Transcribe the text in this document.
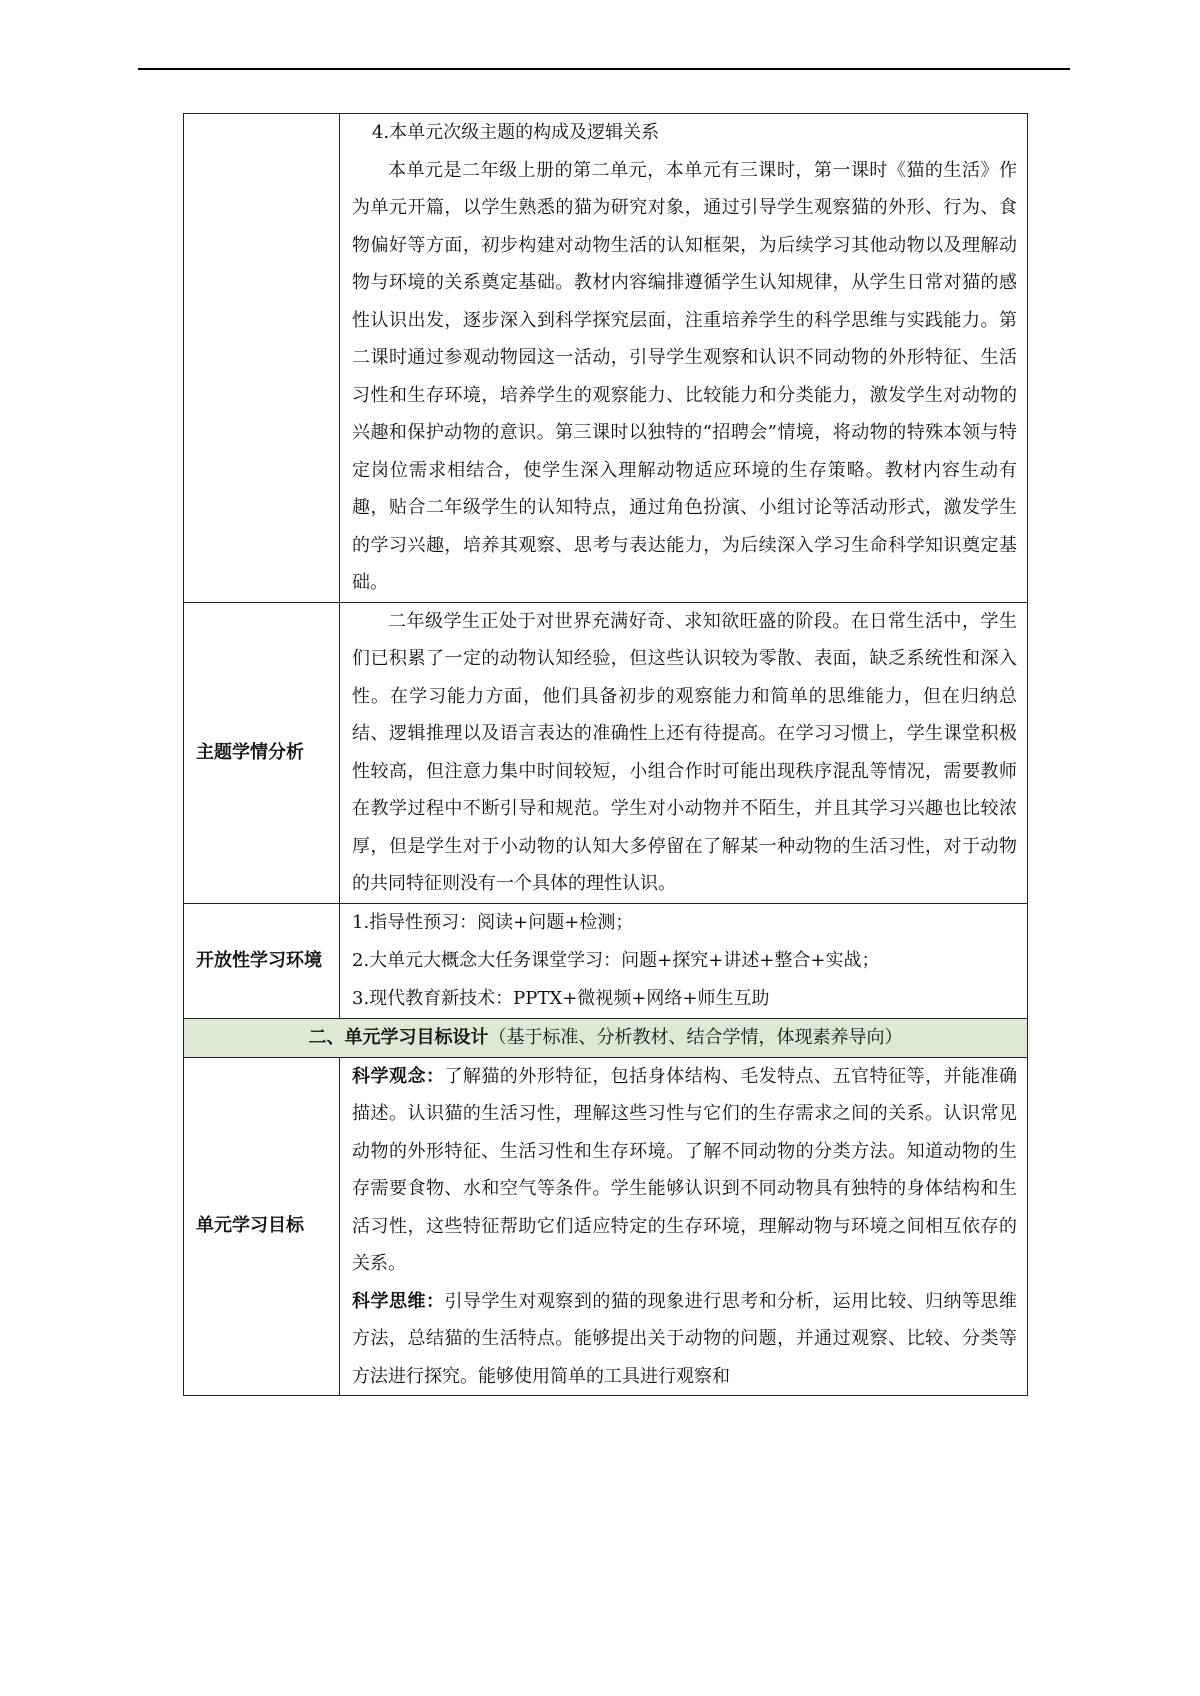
	4.本单元次级主题的构成及逻辑关系

本单元是二年级上册的第二单元，本单元有三课时，第一课时《猫的生活》作为单元开篇，以学生熟悉的猫为研究对象，通过引导学生观察猫的外形、行为、食物偏好等方面，初步构建对动物生活的认知框架，为后续学习其他动物以及理解动物与环境的关系奠定基础。教材内容编排遵循学生认知规律，从学生日常对猫的感性认识出发，逐步深入到科学探究层面，注重培养学生的科学思维与实践能力。第二课时通过参观动物园这一活动，引导学生观察和认识不同动物的外形特征、生活习性和生存环境，培养学生的观察能力、比较能力和分类能力，激发学生对动物的兴趣和保护动物的意识。第三课时以独特的“招聘会”情境，将动物的特殊本领与特定岗位需求相结合，使学生深入理解动物适应环境的生存策略。教材内容生动有趣，贴合二年级学生的认知特点，通过角色扮演、小组讨论等活动形式，激发学生的学习兴趣，培养其观察、思考与表达能力，为后续深入学习生命科学知识奠定基础。

主题学情分析	二年级学生正处于对世界充满好奇、求知欲旺盛的阶段。在日常生活中，学生们已积累了一定的动物认知经验，但这些认识较为零散、表面，缺乏系统性和深入性。在学习能力方面，他们具备初步的观察能力和简单的思维能力，但在归纳总结、逻辑推理以及语言表达的准确性上还有待提高。在学习习惯上，学生课堂积极性较高，但注意力集中时间较短，小组合作时可能出现秩序混乱等情况，需要教师在教学过程中不断引导和规范。学生对小动物并不陌生，并且其学习兴趣也比较浓厚，但是学生对于小动物的认知大多停留在了解某一种动物的生活习性，对于动物的共同特征则没有一个具体的理性认识。

开放性学习环境	1.指导性预习：阅读+问题+检测；

2.大单元大概念大任务课堂学习：问题+探究+讲述+整合+实战；

3.现代教育新技术：PPTX+微视频+网络+师生互助

二、单元学习目标设计（基于标准、分析教材、结合学情，体现素养导向）	
单元学习目标	科学观念：了解猫的外形特征，包括身体结构、毛发特点、五官特征等，并能准确描述。认识猫的生活习性，理解这些习性与它们的生存需求之间的关系。认识常见动物的外形特征、生活习性和生存环境。了解不同动物的分类方法。知道动物的生存需要食物、水和空气等条件。学生能够认识到不同动物具有独特的身体结构和生活习性，这些特征帮助它们适应特定的生存环境，理解动物与环境之间相互依存的关系。

科学思维：引导学生对观察到的猫的现象进行思考和分析，运用比较、归纳等思维方法，总结猫的生活特点。能够提出关于动物的问题，并通过观察、比较、分类等方法进行探究。能够使用简单的工具进行观察和
